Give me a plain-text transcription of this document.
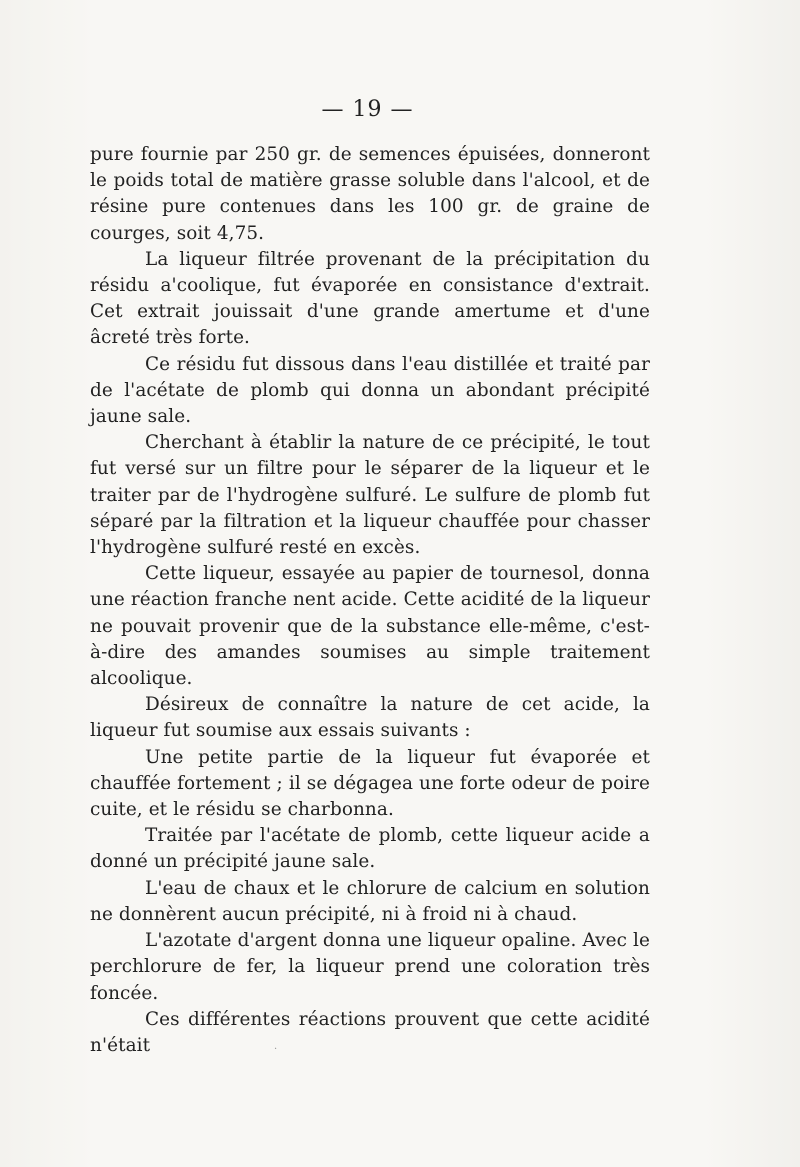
— 19 —

pure fournie par 250 gr. de semences épuisées, donneront le poids total de matière grasse soluble dans l'alcool, et de résine pure contenues dans les 100 gr. de graine de courges, soit 4,75.

La liqueur filtrée provenant de la précipitation du résidu a'coolique, fut évaporée en consistance d'extrait. Cet extrait jouissait d'une grande amertume et d'une âcreté très forte.

Ce résidu fut dissous dans l'eau distillée et traité par de l'acétate de plomb qui donna un abondant précipité jaune sale.

Cherchant à établir la nature de ce précipité, le tout fut versé sur un filtre pour le séparer de la liqueur et le traiter par de l'hydrogène sulfuré. Le sulfure de plomb fut séparé par la filtration et la liqueur chauffée pour chasser l'hydrogène sulfuré resté en excès.

Cette liqueur, essayée au papier de tournesol, donna une réaction franche nent acide. Cette acidité de la liqueur ne pouvait provenir que de la substance elle-même, c'est-à-dire des amandes soumises au simple traitement alcoolique.

Désireux de connaître la nature de cet acide, la liqueur fut soumise aux essais suivants :

Une petite partie de la liqueur fut évaporée et chauffée fortement ; il se dégagea une forte odeur de poire cuite, et le résidu se charbonna.

Traitée par l'acétate de plomb, cette liqueur acide a donné un précipité jaune sale.

L'eau de chaux et le chlorure de calcium en solution ne donnèrent aucun précipité, ni à froid ni à chaud.

L'azotate d'argent donna une liqueur opaline. Avec le perchlorure de fer, la liqueur prend une coloration très foncée.

Ces différentes réactions prouvent que cette acidité n'était	·
